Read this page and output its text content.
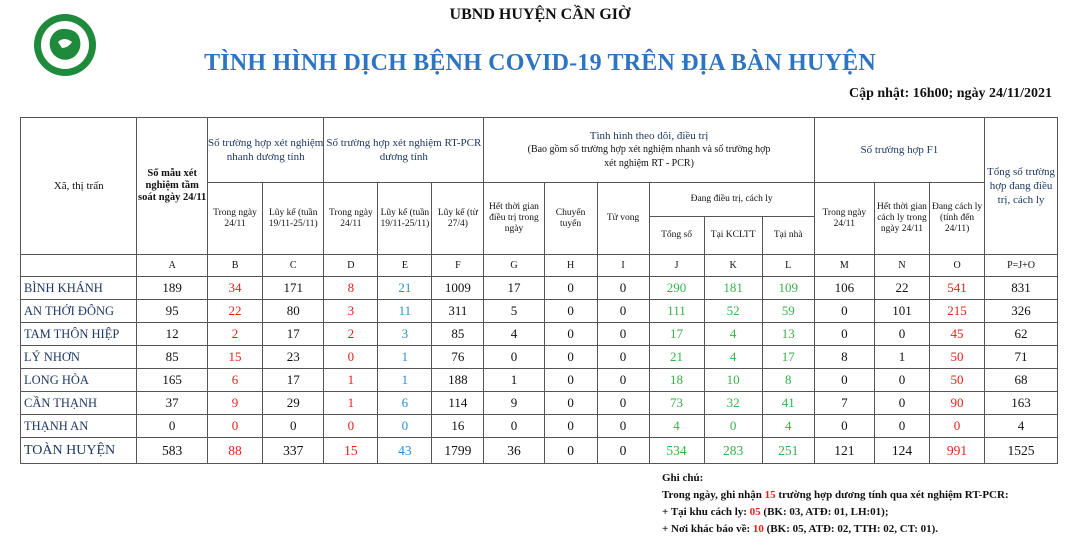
UBND HUYỆN CẦN GIỜ
TÌNH HÌNH DỊCH BỆNH COVID-19 TRÊN ĐỊA BÀN HUYỆN
Cập nhật: 16h00; ngày 24/11/2021
Xã, thị trấn	Số mẫu xét nghiệm tầm soát ngày 24/11	Số trường hợp xét nghiệm nhanh dương tính		Số trường hợp xét nghiệm RT-PCR dương tính			Tình hình theo dõi, điều trị
(Bao gồm số trường hợp xét nghiệm nhanh và số trường hợp xét nghiệm RT - PCR)						Số trường hợp F1			Tổng số trường hợp đang điều trị, cách ly
		Trong ngày 24/11	Lũy kế (tuần 19/11-25/11)	Trong ngày 24/11	Lũy kế (tuần 19/11-25/11)	Lũy kế (từ 27/4)	Hết thời gian điều trị trong ngày	Chuyển tuyến	Tử vong	Đang điều trị, cách ly			Trong ngày 24/11	Hết thời gian cách ly trong ngày 24/11	Đang cách ly (tính đến 24/11)	
										Tổng số	Tại KCLTT	Tại nhà				
	A	B	C	D	E	F	G	H	I	J	K	L	M	N	O	P=J+O
BÌNH KHÁNH	189	34	171	8	21	1009	17	0	0	290	181	109	106	22	541	831
AN THỚI ĐÔNG	95	22	80	3	11	311	5	0	0	111	52	59	0	101	215	326
TAM THÔN HIỆP	12	2	17	2	3	85	4	0	0	17	4	13	0	0	45	62
LÝ NHƠN	85	15	23	0	1	76	0	0	0	21	4	17	8	1	50	71
LONG HÒA	165	6	17	1	1	188	1	0	0	18	10	8	0	0	50	68
CẦN THẠNH	37	9	29	1	6	114	9	0	0	73	32	41	7	0	90	163
THẠNH AN	0	0	0	0	0	16	0	0	0	4	0	4	0	0	0	4
TOÀN HUYỆN	583	88	337	15	43	1799	36	0	0	534	283	251	121	124	991	1525
Ghi chú:
Trong ngày, ghi nhận 15 trường hợp dương tính qua xét nghiệm RT-PCR:
+ Tại khu cách ly: 05 (BK: 03, ATĐ: 01, LH:01);
+ Nơi khác báo về: 10 (BK: 05, ATĐ: 02, TTH: 02, CT: 01).
